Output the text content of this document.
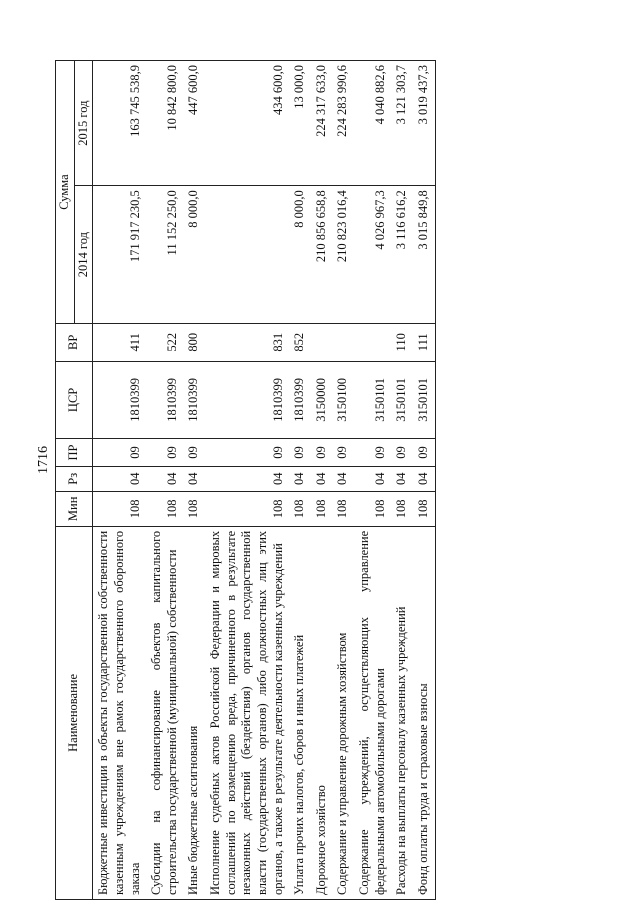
1716
Наименование	Мин	Рз	ПР	ЦСР	ВР	Сумма	
						2014 год	2015 год
Бюджетные инвестиции в объекты государственной собственности казенным учреждениям вне рамок государственного оборонного заказа	108	04	09	1810399	411	171 917 230,5	163 745 538,9
Субсидии на софинансирование объектов капитального строительства государственной (муниципальной) собственности	108	04	09	1810399	522	11 152 250,0	10 842 800,0
Иные бюджетные ассигнования	108	04	09	1810399	800	8 000,0	447 600,0
Исполнение судебных актов Российской Федерации и мировых соглашений по возмещению вреда, причиненного в результате незаконных действий (бездействия) органов государственной власти (государственных органов) либо должностных лиц этих органов, а также в результате деятельности казенных учреждений	108	04	09	1810399	831		434 600,0
Уплата прочих налогов, сборов и иных платежей	108	04	09	1810399	852	8 000,0	13 000,0
Дорожное хозяйство	108	04	09	3150000		210 856 658,8	224 317 633,0
Содержание и управление дорожным хозяйством	108	04	09	3150100		210 823 016,4	224 283 990,6
Содержание учреждений, осуществляющих управление федеральными автомобильными дорогами	108	04	09	3150101		4 026 967,3	4 040 882,6
Расходы на выплаты персоналу казенных учреждений	108	04	09	3150101	110	3 116 616,2	3 121 303,7
Фонд оплаты труда и страховые взносы	108	04	09	3150101	111	3 015 849,8	3 019 437,3
